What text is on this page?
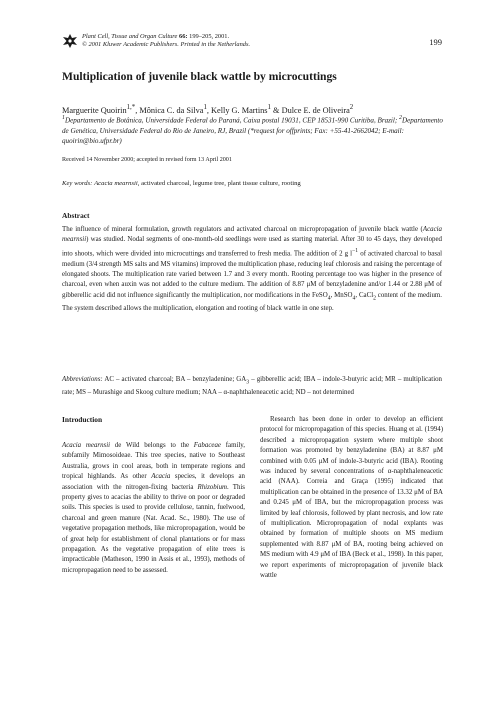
Plant Cell, Tissue and Organ Culture 66: 199–205, 2001.
© 2001 Kluwer Academic Publishers. Printed in the Netherlands.	199
Multiplication of juvenile black wattle by microcuttings
Marguerite Quoirin$^{1,*}$, Mônica C. da Silva$^1$, Kelly G. Martins$^1$ & Dulce E. de Oliveira$^2$
$^1$Departamento de Botânica, Universidade Federal do Paraná, Caixa postal 19031, CEP 18531-990 Curitiba, Brazil; $^2$Departamento de Genética, Universidade Federal do Rio de Janeiro, RJ, Brazil (*request for offprints; Fax: +55-41-2662042; E-mail: quoirin@bio.ufpr.br)
Received 14 November 2000; accepted in revised form 13 April 2001
Key words: Acacia mearnsii, activated charcoal, legume tree, plant tissue culture, rooting
Abstract

The influence of mineral formulation, growth regulators and activated charcoal on micropropagation of juvenile black wattle (Acacia mearnsii) was studied. Nodal segments of one-month-old seedlings were used as starting material. After 30 to 45 days, they developed into shoots, which were divided into microcuttings and transferred to fresh media. The addition of 2 g $l^{-1}$ of activated charcoal to basal medium (3/4 strength MS salts and MS vitamins) improved the multiplication phase, reducing leaf chlorosis and raising the percentage of elongated shoots. The multiplication rate varied between 1.7 and 3 every month. Rooting percentage too was higher in the presence of charcoal, even when auxin was not added to the culture medium. The addition of 8.87 μM of benzyladenine and/or 1.44 or 2.88 μM of gibberellic acid did not influence significantly the multiplication, nor modifications in the FeSO$_4$, MnSO$_4$, CaCl$_2$ content of the medium. The system described allows the multiplication, elongation and rooting of black wattle in one step.

Abbreviations: AC – activated charcoal; BA – benzyladenine; $GA_3$ – gibberellic acid; IBA – indole-3-butyric acid; MR – multiplication rate; MS – Murashige and Skoog culture medium; NAA – α-naphthaleneacetic acid; ND – not determined

Introduction

Acacia mearnsii de Wild belongs to the Fabaceae family, subfamily Mimosoideae. This tree species, native to Southeast Australia, grows in cool areas, both in temperate regions and tropical highlands. As other Acacia species, it develops an association with the nitrogen-fixing bacteria Rhizobium. This property gives to acacias the ability to thrive on poor or degraded soils. This species is used to provide cellulose, tannin, fuelwood, charcoal and green manure (Nat. Acad. Sc., 1980). The use of vegetative propagation methods, like micropropagation, would be of great help for establishment of clonal plantations or for mass propagation. As the vegetative propagation of elite trees is impracticable (Matheson, 1990 in Assis et al., 1993), methods of micropropagation need to be assessed.

Research has been done in order to develop an efficient protocol for micropropagation of this species. Huang et al. (1994) described a micropropagation system where multiple shoot formation was promoted by benzyladenine (BA) at 8.87 μM combined with 0.05 μM of indole-3-butyric acid (IBA). Rooting was induced by several concentrations of α-naphthaleneacetic acid (NAA). Correia and Graça (1995) indicated that multiplication can be obtained in the presence of 13.32 μM of BA and 0.245 μM of IBA, but the micropropagation process was limited by leaf chlorosis, followed by plant necrosis, and low rate of multiplication. Micropropagation of nodal explants was obtained by formation of multiple shoots on MS medium supplemented with 8.87 μM of BA, rooting being achieved on MS medium with 4.9 μM of IBA (Beck et al., 1998). In this paper, we report experiments of micropropagation of juvenile black wattle
